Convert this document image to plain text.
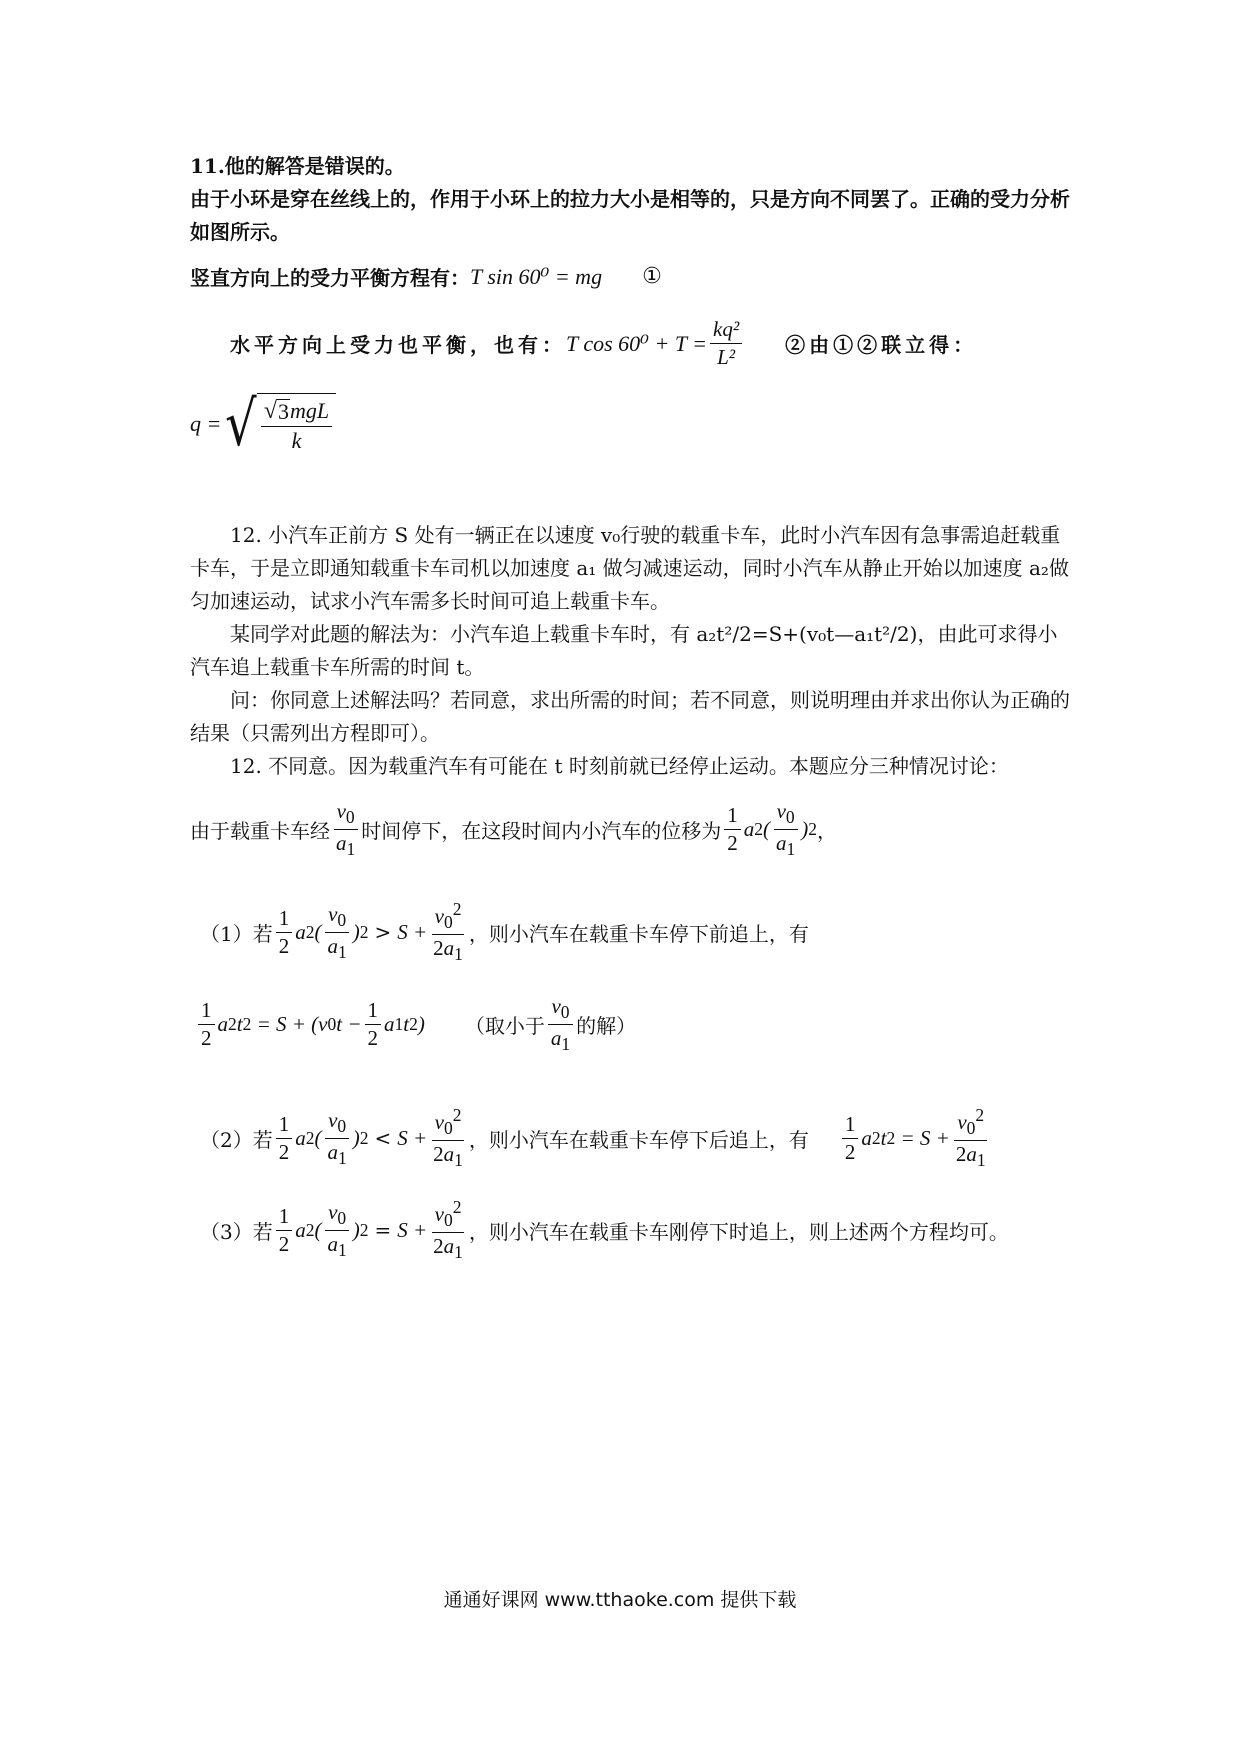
11.他的解答是错误的。

由于小环是穿在丝线上的，作用于小环上的拉力大小是相等的，只是方向不同罢了。正确的受力分析如图所示。

竖直方向上的受力平衡方程有： T sin 60⁰ = mg ①
水平方向上受力也平衡，也有： T $\cos 60^0 + T = \frac{\text{kq²}}{\text{L²}}$ ②由①②联立得：
q = √ $\frac{\text{√ 3 mgL}}{k}$

12. 小汽车正前方 S 处有一辆正在以速度 v₀行驶的载重卡车，此时小汽车因有急事需追赶载重卡车，于是立即通知载重卡车司机以加速度 a₁ 做匀减速运动，同时小汽车从静止开始以加速度 a₂做匀加速运动，试求小汽车需多长时间可追上载重卡车。

某同学对此题的解法为：小汽车追上载重卡车时，有 a₂t²/2=S+(v₀t—a₁t²/2)，由此可求得小汽车追上载重卡车所需的时间 t。

问：你同意上述解法吗？若同意，求出所需的时间；若不同意，则说明理由并求出你认为正确的结果（只需列出方程即可）。

12. 不同意。因为载重汽车有可能在 t 时刻前就已经停止运动。本题应分三种情况讨论：

由于载重卡车经 $\frac{v_0}{a_1}$ 时间停下，在这段时间内小汽车的位移为 $\frac{1}{2}$ a 2 ( $\frac{v_0}{a_1}$ ) 2 ，
（1）若 $\frac{1}{2}$ a 2 ( $\frac{v_0}{a_1}$ ) $2 > S + \frac{v_0^2}{2a_1}$ ，则小汽车在载重卡车停下前追上，有
$\frac{1}{2}$ a 2 t 2 = S + (v 0 $t - \frac{1}{2}$ a 1 t 2 ) （取小于 $\frac{v_0}{a_1}$ 的解）
（2）若 $\frac{1}{2}$ a 2 ( $\frac{v_0}{a_1}$ ) $2 < S + \frac{v_0^2}{2a_1}$ ，则小汽车在载重卡车停下后追上，有 $\frac{1}{2}$ a 2 t $2 = S + \frac{v_0^2}{2a_1}$
（3）若 $\frac{1}{2}$ a 2 ( $\frac{v_0}{a_1}$ ) $2 = S + \frac{v_0^2}{2a_1}$ ，则小汽车在载重卡车刚停下时追上，则上述两个方程均可。
通通好课网 www.tthaoke.com 提供下载
